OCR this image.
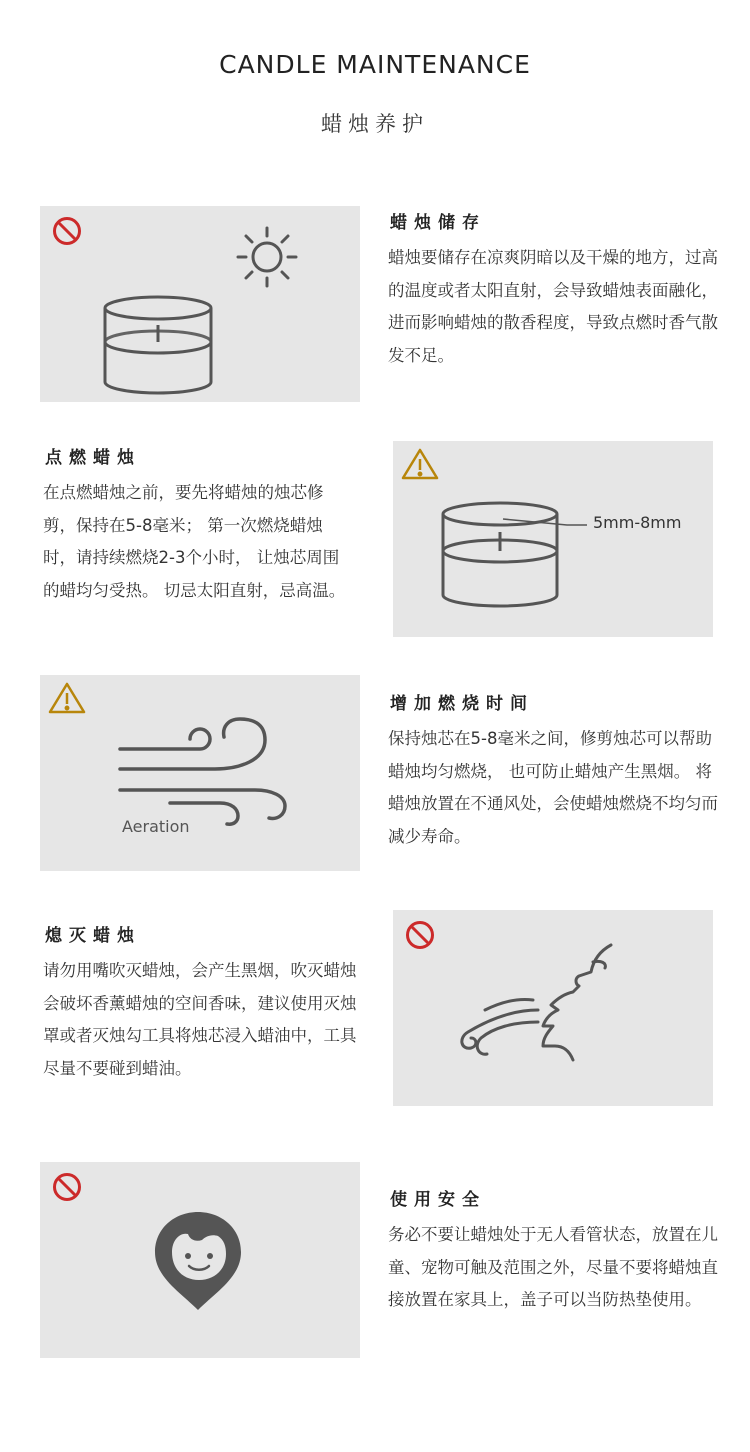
CANDLE MAINTENANCE
蜡烛养护
蜡烛储存
蜡烛要储存在凉爽阴暗以及干燥的地方，过高的温度或者太阳直射，会导致蜡烛表面融化，进而影响蜡烛的散香程度，导致点燃时香气散发不足。
点燃蜡烛
在点燃蜡烛之前，要先将蜡烛的烛芯修剪，保持在5-8毫米； 第一次燃烧蜡烛时，请持续燃烧2-3个小时， 让烛芯周围的蜡均匀受热。 切忌太阳直射，忌高温。
5mm-8mm
Aeration
增加燃烧时间
保持烛芯在5-8毫米之间，修剪烛芯可以帮助蜡烛均匀燃烧， 也可防止蜡烛产生黑烟。 将蜡烛放置在不通风处，会使蜡烛燃烧不均匀而减少寿命。
熄灭蜡烛
请勿用嘴吹灭蜡烛，会产生黑烟，吹灭蜡烛会破坏香薰蜡烛的空间香味，建议使用灭烛罩或者灭烛勾工具将烛芯浸入蜡油中，工具尽量不要碰到蜡油。
使用安全
务必不要让蜡烛处于无人看管状态，放置在儿童、宠物可触及范围之外，尽量不要将蜡烛直接放置在家具上，盖子可以当防热垫使用。
